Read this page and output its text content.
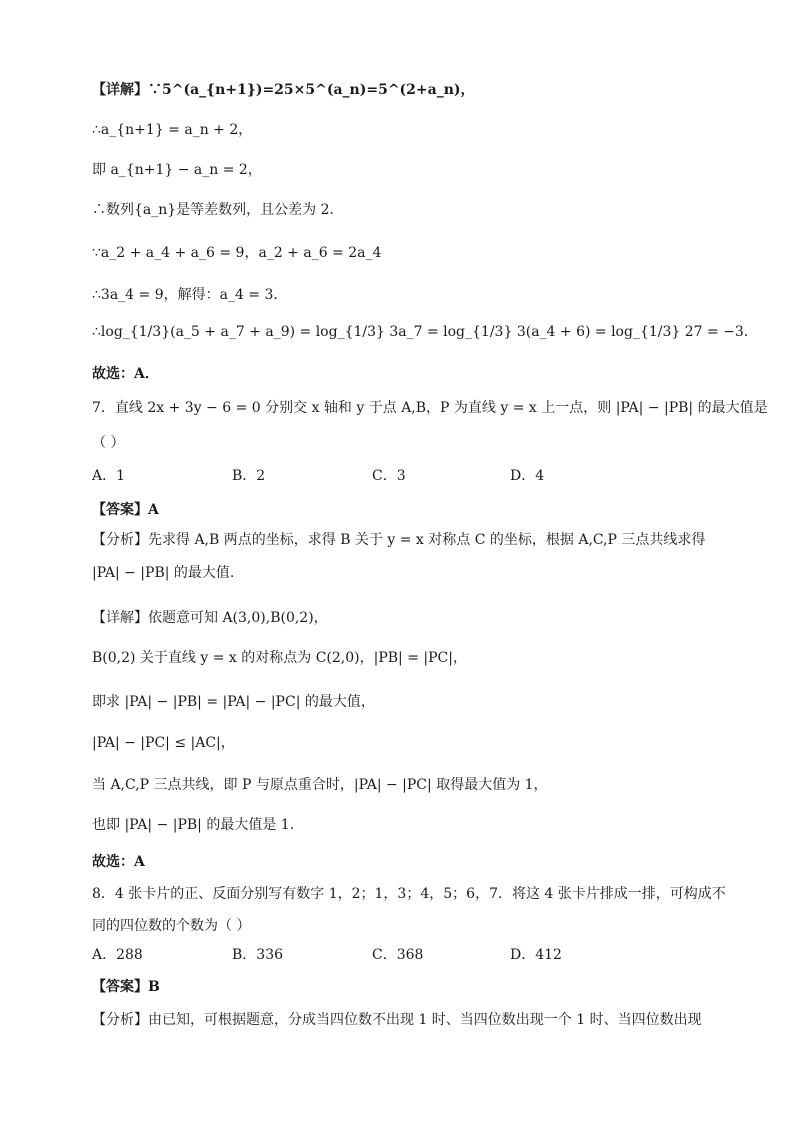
【详解】∵5^(a_{n+1})=25×5^(a_n)=5^(2+a_n)，
∴a_{n+1} = a_n + 2，
即 a_{n+1} − a_n = 2，
∴数列{a_n}是等差数列，且公差为 2．
∵a_2 + a_4 + a_6 = 9，a_2 + a_6 = 2a_4
∴3a_4 = 9，解得：a_4 = 3．
∴log_{1/3}(a_5 + a_7 + a_9) = log_{1/3} 3a_7 = log_{1/3} 3(a_4 + 6) = log_{1/3} 27 = −3．
故选：A．
7．直线 2x + 3y − 6 = 0 分别交 x 轴和 y 于点 A,B，P 为直线 y = x 上一点，则 |PA| − |PB| 的最大值是
（ ）
A．1	B．2	C．3	D．4
【答案】A
【分析】先求得 A,B 两点的坐标，求得 B 关于 y = x 对称点 C 的坐标，根据 A,C,P 三点共线求得
|PA| − |PB| 的最大值.
【详解】依题意可知 A(3,0),B(0,2)，
B(0,2) 关于直线 y = x 的对称点为 C(2,0)，|PB| = |PC|，
即求 |PA| − |PB| = |PA| − |PC| 的最大值，
|PA| − |PC| ≤ |AC|，
当 A,C,P 三点共线，即 P 与原点重合时，|PA| − |PC| 取得最大值为 1，
也即 |PA| − |PB| 的最大值是 1.
故选：A
8．4 张卡片的正、反面分别写有数字 1，2；1，3；4，5；6，7．将这 4 张卡片排成一排，可构成不
同的四位数的个数为（ ）
A．288	B．336	C．368	D．412
【答案】B
【分析】由已知，可根据题意，分成当四位数不出现 1 时、当四位数出现一个 1 时、当四位数出现
